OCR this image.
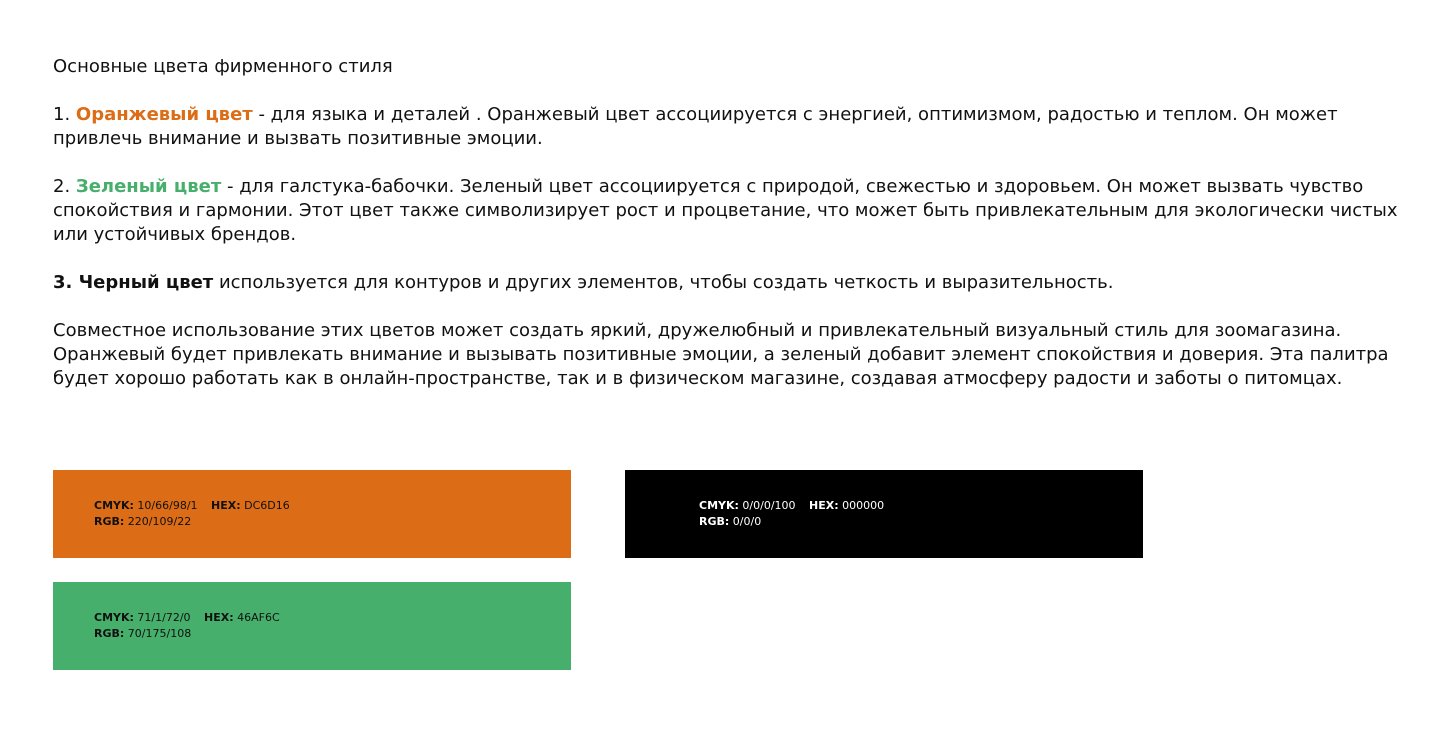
Основные цвета фирменного стиля

1. Оранжевый цвет - для языка и деталей . Оранжевый цвет ассоциируется с энергией, оптимизмом, радостью и теплом. Он может привлечь внимание и вызвать позитивные эмоции.

2. Зеленый цвет - для галстука-бабочки. Зеленый цвет ассоциируется с природой, свежестью и здоровьем. Он может вызвать чувство спокойствия и гармонии. Этот цвет также символизирует рост и процветание, что может быть привлекательным для экологически чистых или устойчивых брендов.

3. Черный цвет используется для контуров и других элементов, чтобы создать четкость и выразительность.

Совместное использование этих цветов может создать яркий, дружелюбный и привлекательный визуальный стиль для зоомагазина. Оранжевый будет привлекать внимание и вызывать позитивные эмоции, а зеленый добавит элемент спокойствия и доверия. Эта палитра будет хорошо работать как в онлайн-пространстве, так и в физическом магазине, создавая атмосферу радости и заботы о питомцах.

CMYK: 10/66/98/1 HEX: DC6D16
RGB: 220/109/22
CMYK: 0/0/0/100 HEX: 000000
RGB: 0/0/0
CMYK: 71/1/72/0 HEX: 46AF6C
RGB: 70/175/108
